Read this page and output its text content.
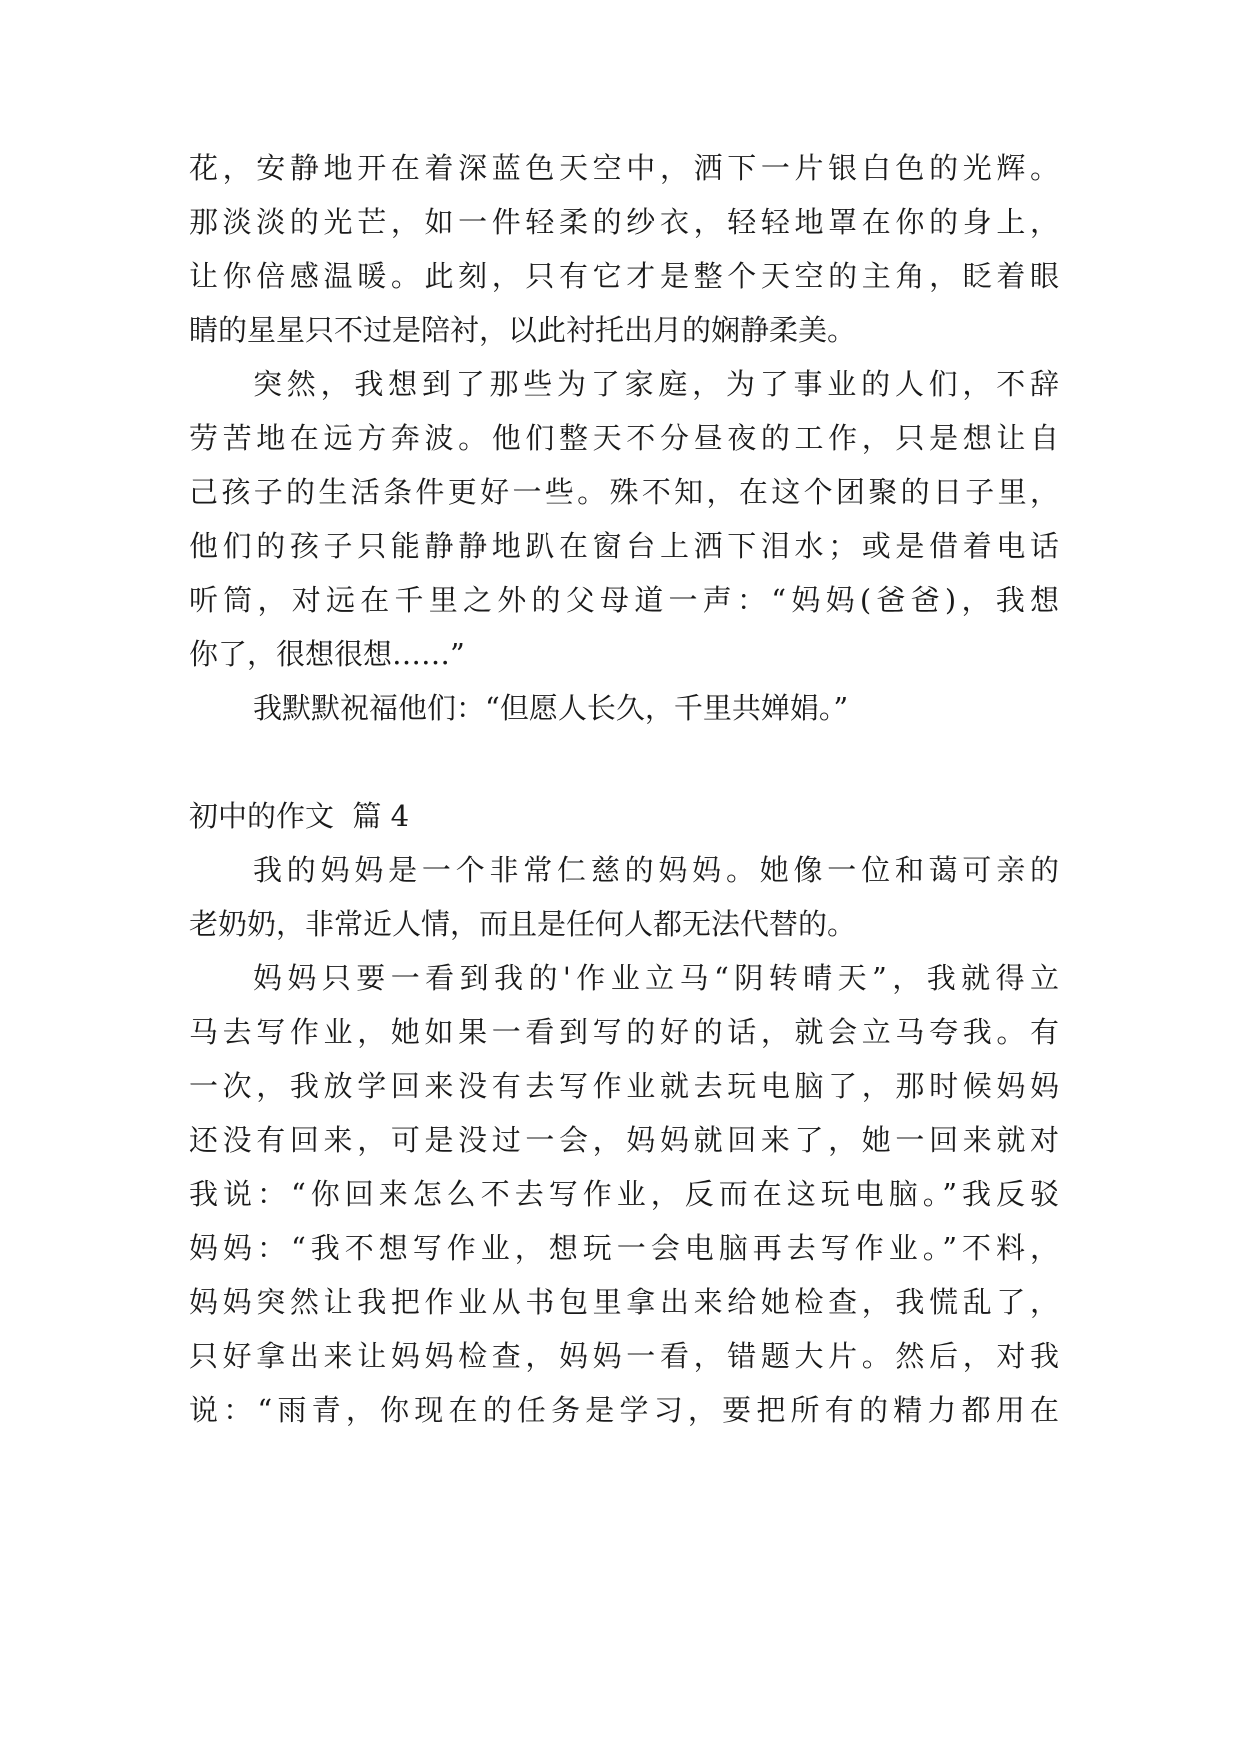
花，安静地开在着深蓝色天空中，洒下一片银白色的光辉。
那淡淡的光芒，如一件轻柔的纱衣，轻轻地罩在你的身上，
让你倍感温暖。此刻，只有它才是整个天空的主角，眨着眼
睛的星星只不过是陪衬，以此衬托出月的娴静柔美。
突然，我想到了那些为了家庭，为了事业的人们，不辞
劳苦地在远方奔波。他们整天不分昼夜的工作，只是想让自
己孩子的生活条件更好一些。殊不知，在这个团聚的日子里，
他们的孩子只能静静地趴在窗台上洒下泪水；或是借着电话
听筒，对远在千里之外的父母道一声：“妈妈(爸爸)，我想
你了，很想很想……”
我默默祝福他们：“但愿人长久，千里共婵娟。”
初中的作文  篇 4
我的妈妈是一个非常仁慈的妈妈。她像一位和蔼可亲的
老奶奶，非常近人情，而且是任何人都无法代替的。
妈妈只要一看到我的'作业立马“阴转晴天”，我就得立
马去写作业，她如果一看到写的好的话，就会立马夸我。有
一次，我放学回来没有去写作业就去玩电脑了，那时候妈妈
还没有回来，可是没过一会，妈妈就回来了，她一回来就对
我说：“你回来怎么不去写作业，反而在这玩电脑。”我反驳
妈妈：“我不想写作业，想玩一会电脑再去写作业。”不料，
妈妈突然让我把作业从书包里拿出来给她检查，我慌乱了，
只好拿出来让妈妈检查，妈妈一看，错题大片。然后，对我
说：“雨青，你现在的任务是学习，要把所有的精力都用在
